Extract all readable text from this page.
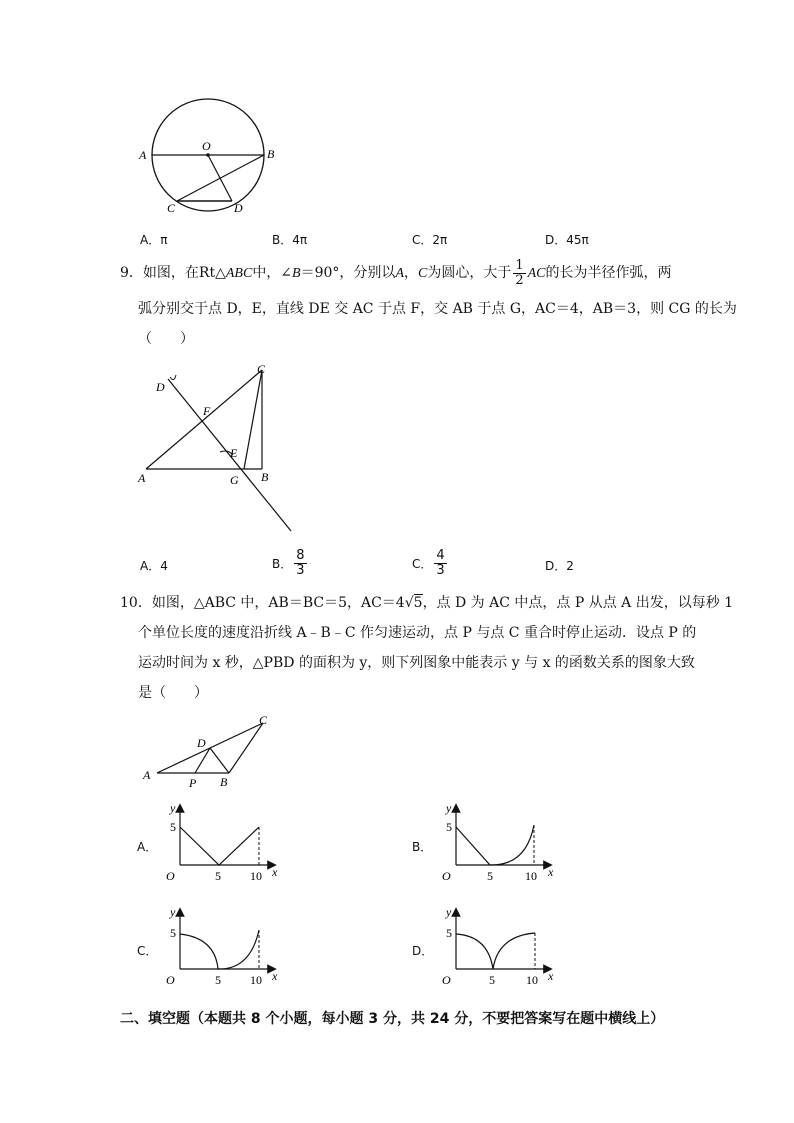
A	B
O
C	D
A．π	B．4π	C．2π	D．45π
9．如图，在Rt△ABC中，∠B＝90°，分别以A，C为圆心，大于 $\frac{1}{2}$ AC的长为半径作弧，两
弧分别交于点 D，E，直线 DE 交 AC 于点 F，交 AB 于点 G，AC＝4，AB＝3，则 CG 的长为
（　　）
A	B
C
D
E
F
G
A．4	B． $\frac{8}{3}$	C． $\frac{4}{3}$	D．2
10．如图，△ABC 中，AB＝BC＝5，AC＝4√5，点 D 为 AC 中点，点 P 从点 A 出发，以每秒 1
个单位长度的速度沿折线 A﹣B﹣C 作匀速运动，点 P 与点 C 重合时停止运动．设点 P 的
运动时间为 x 秒，△PBD 的面积为 y，则下列图象中能表示 y 与 x 的函数关系的图象大致
是（　　）
A	B
C
D
P
A．
y
x
O
5
5 10
B．
y
x
O
5
5	10
C．
y
x
O
5
5 10
D．
y
x
O
5
5	10
二、填空题（本题共 8 个小题，每小题 3 分，共 24 分，不要把答案写在题中横线上）
